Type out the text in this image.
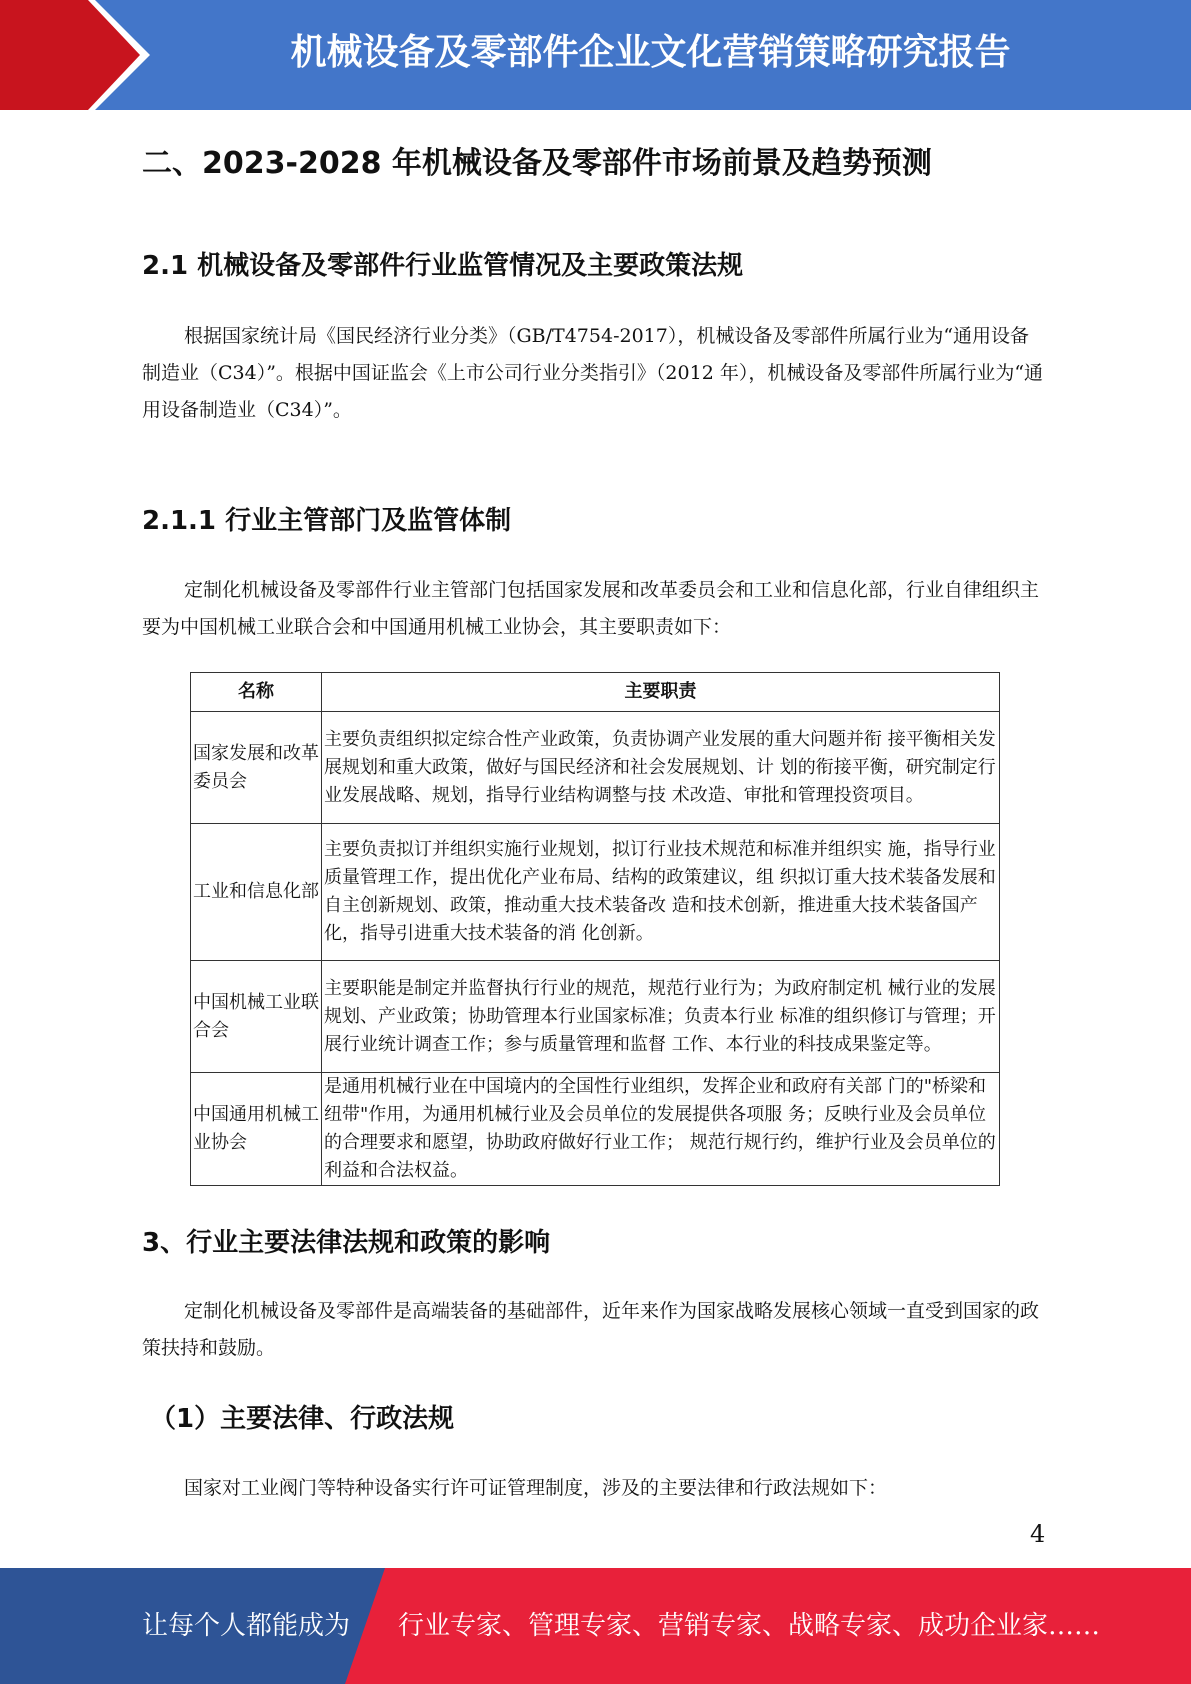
机械设备及零部件企业文化营销策略研究报告
二、2023-2028 年机械设备及零部件市场前景及趋势预测
2.1 机械设备及零部件行业监管情况及主要政策法规
根据国家统计局《国民经济行业分类》（GB/T4754-2017），机械设备及零部件所属行业为“通用设备制造业（C34）”。根据中国证监会《上市公司行业分类指引》（2012 年），机械设备及零部件所属行业为“通用设备制造业（C34）”。
2.1.1 行业主管部门及监管体制
定制化机械设备及零部件行业主管部门包括国家发展和改革委员会和工业和信息化部，行业自律组织主要为中国机械工业联合会和中国通用机械工业协会，其主要职责如下：
名称	主要职责
国家发展和改革委员会	主要负责组织拟定综合性产业政策，负责协调产业发展的重大问题并衔 接平衡相关发展规划和重大政策，做好与国民经济和社会发展规划、计 划的衔接平衡，研究制定行业发展战略、规划，指导行业结构调整与技 术改造、审批和管理投资项目。
工业和信息化部	主要负责拟订并组织实施行业规划，拟订行业技术规范和标准并组织实 施，指导行业质量管理工作，提出优化产业布局、结构的政策建议，组 织拟订重大技术装备发展和自主创新规划、政策，推动重大技术装备改 造和技术创新，推进重大技术装备国产化，指导引进重大技术装备的消 化创新。
中国机械工业联合会	主要职能是制定并监督执行行业的规范，规范行业行为；为政府制定机 械行业的发展规划、产业政策；协助管理本行业国家标准；负责本行业 标准的组织修订与管理；开展行业统计调查工作；参与质量管理和监督 工作、本行业的科技成果鉴定等。
中国通用机械工业协会	是通用机械行业在中国境内的全国性行业组织，发挥企业和政府有关部 门的"桥梁和纽带"作用，为通用机械行业及会员单位的发展提供各项服 务；反映行业及会员单位的合理要求和愿望，协助政府做好行业工作； 规范行规行约，维护行业及会员单位的利益和合法权益。
3、行业主要法律法规和政策的影响
定制化机械设备及零部件是高端装备的基础部件，近年来作为国家战略发展核心领域一直受到国家的政策扶持和鼓励。
（1）主要法律、行政法规
国家对工业阀门等特种设备实行许可证管理制度，涉及的主要法律和行政法规如下：
4
让每个人都能成为 行业专家、管理专家、营销专家、战略专家、成功企业家……
